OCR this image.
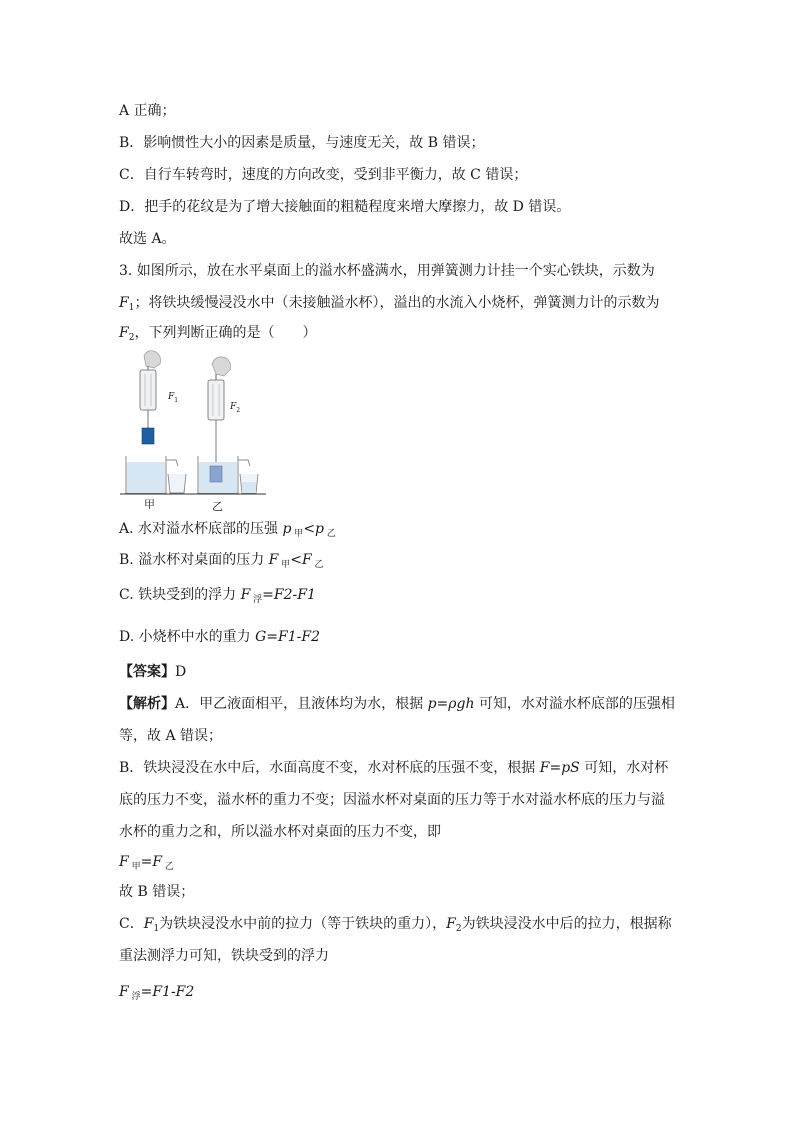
A 正确；
B．影响惯性大小的因素是质量，与速度无关，故 B 错误；
C．自行车转弯时，速度的方向改变，受到非平衡力，故 C 错误；
D．把手的花纹是为了增大接触面的粗糙程度来增大摩擦力，故 D 错误。
故选 A。
3. 如图所示，放在水平桌面上的溢水杯盛满水，用弹簧测力计挂一个实心铁块，示数为
$F_1$；将铁块缓慢浸没水中（未接触溢水杯），溢出的水流入小烧杯，弹簧测力计的示数为
$F_2$，下列判断正确的是（　　）
$F_1$
$F_2$
甲	乙
A. 水对溢水杯底部的压强 p $_甲$<p $_乙$
B. 溢水杯对桌面的压力 F $_甲$<F $_乙$
C. 铁块受到的浮力 F $_浮$=F2-F1
D. 小烧杯中水的重力 G=F1-F2
【答案】D
【解析】A．甲乙液面相平，且液体均为水，根据 p=ρgh 可知，水对溢水杯底部的压强相
等，故 A 错误；
B．铁块浸没在水中后，水面高度不变，水对杯底的压强不变，根据 F=pS 可知，水对杯
底的压力不变，溢水杯的重力不变；因溢水杯对桌面的压力等于水对溢水杯底的压力与溢
水杯的重力之和，所以溢水杯对桌面的压力不变，即
F $_甲$=F $_乙$
故 B 错误；
C．$F_1$为铁块浸没水中前的拉力（等于铁块的重力），$F_2$为铁块浸没水中后的拉力，根据称
重法测浮力可知，铁块受到的浮力
F $_浮$=F1-F2
